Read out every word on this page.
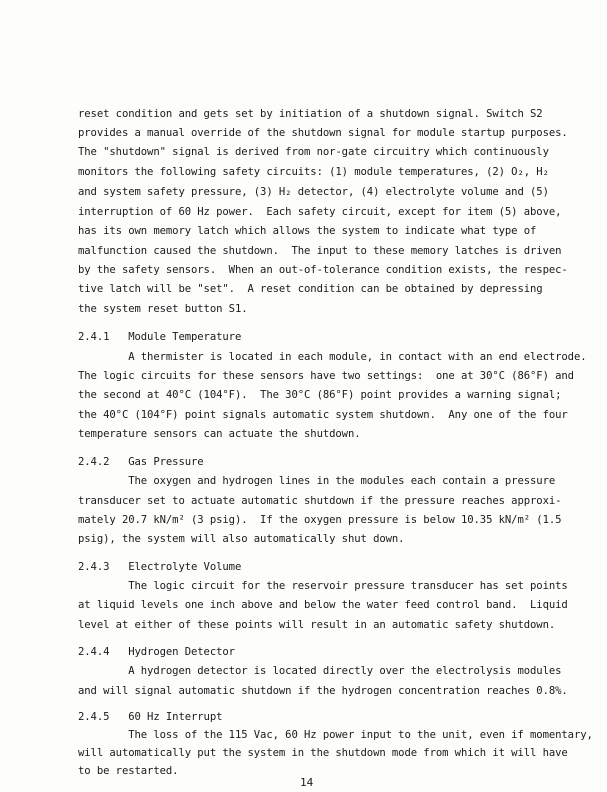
reset condition and gets set by initiation of a shutdown signal. Switch S2
provides a manual override of the shutdown signal for module startup purposes.
The "shutdown" signal is derived from nor-gate circuitry which continuously
monitors the following safety circuits: (1) module temperatures, (2) O₂, H₂
and system safety pressure, (3) H₂ detector, (4) electrolyte volume and (5)
interruption of 60 Hz power.  Each safety circuit, except for item (5) above,
has its own memory latch which allows the system to indicate what type of
malfunction caused the shutdown.  The input to these memory latches is driven
by the safety sensors.  When an out-of-tolerance condition exists, the respec-
tive latch will be "set".  A reset condition can be obtained by depressing
the system reset button S1.
2.4.1   Module Temperature
A thermister is located in each module, in contact with an end electrode.
The logic circuits for these sensors have two settings:  one at 30°C (86°F) and
the second at 40°C (104°F).  The 30°C (86°F) point provides a warning signal;
the 40°C (104°F) point signals automatic system shutdown.  Any one of the four
temperature sensors can actuate the shutdown.
2.4.2   Gas Pressure
The oxygen and hydrogen lines in the modules each contain a pressure
transducer set to actuate automatic shutdown if the pressure reaches approxi-
mately 20.7 kN/m² (3 psig).  If the oxygen pressure is below 10.35 kN/m² (1.5
psig), the system will also automatically shut down.
2.4.3   Electrolyte Volume
The logic circuit for the reservoir pressure transducer has set points
at liquid levels one inch above and below the water feed control band.  Liquid
level at either of these points will result in an automatic safety shutdown.
2.4.4   Hydrogen Detector
A hydrogen detector is located directly over the electrolysis modules
and will signal automatic shutdown if the hydrogen concentration reaches 0.8%.
2.4.5   60 Hz Interrupt
The loss of the 115 Vac, 60 Hz power input to the unit, even if momentary,
will automatically put the system in the shutdown mode from which it will have
to be restarted.
14
